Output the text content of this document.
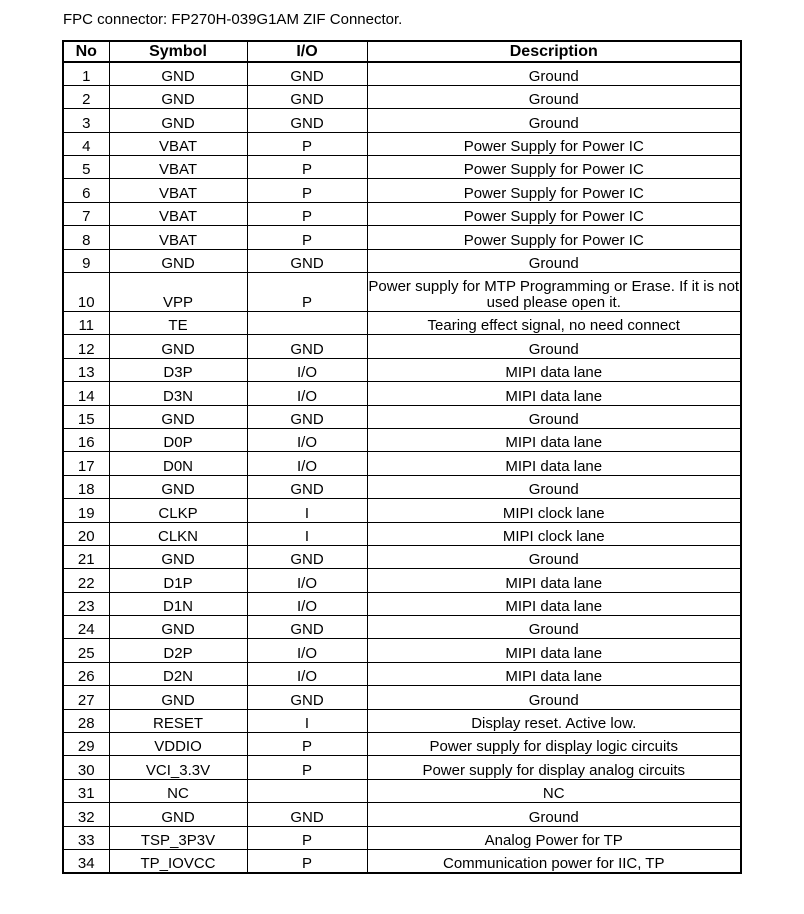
FPC connector: FP270H-039G1AM ZIF Connector.
No	Symbol	I/O	Description
1	GND	GND	Ground
2	GND	GND	Ground
3	GND	GND	Ground
4	VBAT	P	Power Supply for Power IC
5	VBAT	P	Power Supply for Power IC
6	VBAT	P	Power Supply for Power IC
7	VBAT	P	Power Supply for Power IC
8	VBAT	P	Power Supply for Power IC
9	GND	GND	Ground
10	VPP	P	Power supply for MTP Programming or Erase. If it is not used please open it.
11	TE		Tearing effect signal, no need connect
12	GND	GND	Ground
13	D3P	I/O	MIPI data lane
14	D3N	I/O	MIPI data lane
15	GND	GND	Ground
16	D0P	I/O	MIPI data lane
17	D0N	I/O	MIPI data lane
18	GND	GND	Ground
19	CLKP	I	MIPI clock lane
20	CLKN	I	MIPI clock lane
21	GND	GND	Ground
22	D1P	I/O	MIPI data lane
23	D1N	I/O	MIPI data lane
24	GND	GND	Ground
25	D2P	I/O	MIPI data lane
26	D2N	I/O	MIPI data lane
27	GND	GND	Ground
28	RESET	I	Display reset. Active low.
29	VDDIO	P	Power supply for display logic circuits
30	VCI_3.3V	P	Power supply for display analog circuits
31	NC		NC
32	GND	GND	Ground
33	TSP_3P3V	P	Analog Power for TP
34	TP_IOVCC	P	Communication power for IIC, TP
